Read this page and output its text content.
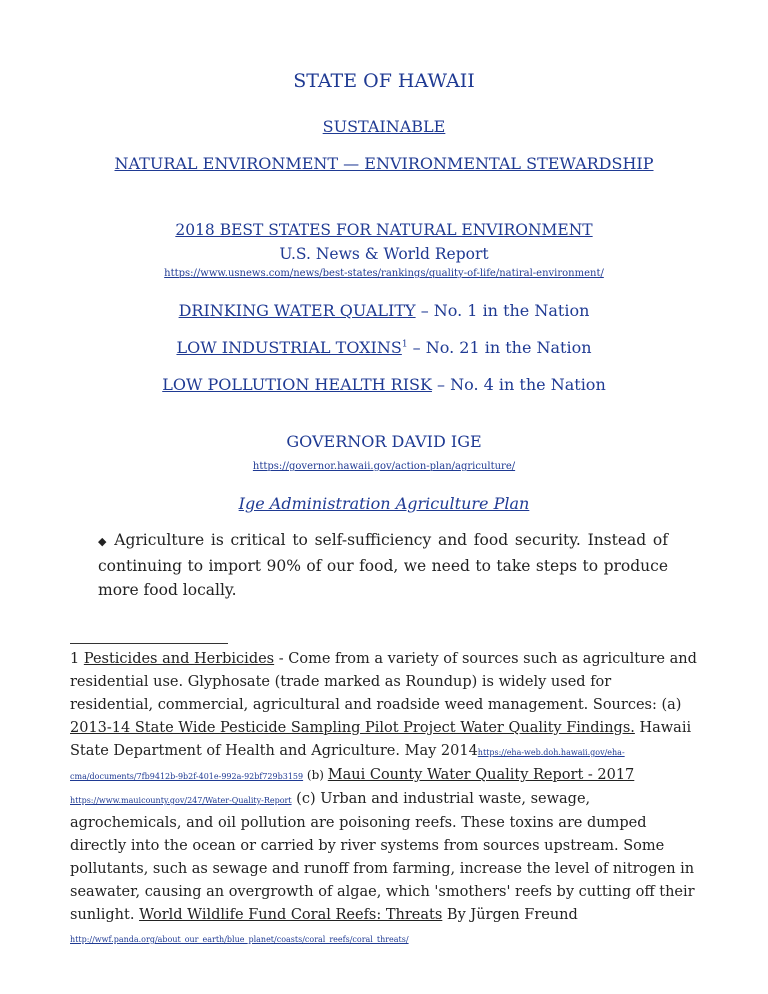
STATE OF HAWAII
SUSTAINABLE
NATURAL ENVIRONMENT — ENVIRONMENTAL STEWARDSHIP
2018 BEST STATES FOR NATURAL ENVIRONMENT
U.S. News & World Report
https://www.usnews.com/news/best-states/rankings/quality-of-life/natiral-environment/
DRINKING WATER QUALITY – No. 1 in the Nation
LOW INDUSTRIAL TOXINS$^1$ – No. 21 in the Nation
LOW POLLUTION HEALTH RISK – No. 4 in the Nation
GOVERNOR DAVID IGE
https://governor.hawaii.gov/action-plan/agriculture/
Ige Administration Agriculture Plan
◆ Agriculture is critical to self-sufficiency and food security. Instead of continuing to import 90% of our food, we need to take steps to produce more food locally.
1 Pesticides and Herbicides - Come from a variety of sources such as agriculture and residential use. Glyphosate (trade marked as Roundup) is widely used for residential, commercial, agricultural and roadside weed management. Sources: (a) 2013-14 State Wide Pesticide Sampling Pilot Project Water Quality Findings. Hawaii State Department of Health and Agriculture. May 2014https://eha-web.doh.hawaii.gov/eha-cma/documents/7fb9412b-9b2f-401e-992a-92bf729b3159 (b) Maui County Water Quality Report - 2017 https://www.mauicounty.gov/247/Water-Quality-Report (c) Urban and industrial waste, sewage, agrochemicals, and oil pollution are poisoning reefs. These toxins are dumped directly into the ocean or carried by river systems from sources upstream. Some pollutants, such as sewage and runoff from farming, increase the level of nitrogen in seawater, causing an overgrowth of algae, which 'smothers' reefs by cutting off their sunlight. World Wildlife Fund Coral Reefs: Threats By Jürgen Freund http://wwf.panda.org/about_our_earth/blue_planet/coasts/coral_reefs/coral_threats/
